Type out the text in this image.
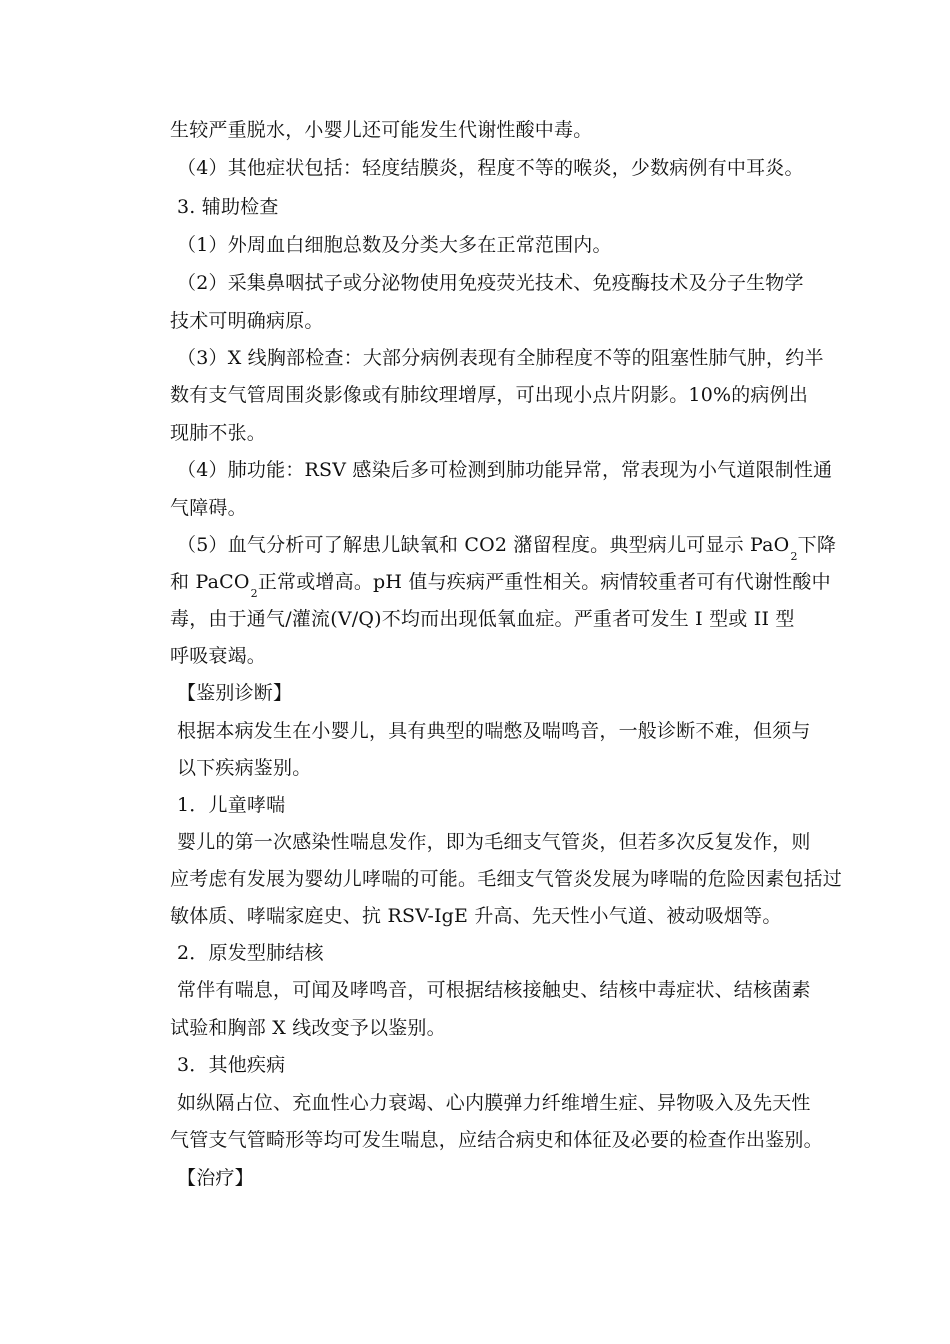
生较严重脱水，小婴儿还可能发生代谢性酸中毒。
（4）其他症状包括：轻度结膜炎，程度不等的喉炎，少数病例有中耳炎。
3. 辅助检查
（1）外周血白细胞总数及分类大多在正常范围内。
（2）采集鼻咽拭子或分泌物使用免疫荧光技术、免疫酶技术及分子生物学
技术可明确病原。
（3）X 线胸部检查：大部分病例表现有全肺程度不等的阻塞性肺气肿，约半
数有支气管周围炎影像或有肺纹理增厚，可出现小点片阴影。10%的病例出
现肺不张。
（4）肺功能：RSV 感染后多可检测到肺功能异常，常表现为小气道限制性通
气障碍。
（5）血气分析可了解患儿缺氧和 CO2 潴留程度。典型病儿可显示 PaO$_2$下降
和 PaCO$_2$正常或增高。pH 值与疾病严重性相关。病情较重者可有代谢性酸中
毒，由于通气/灌流(V/Q)不均而出现低氧血症。严重者可发生 I 型或 II 型
呼吸衰竭。
【鉴别诊断】
根据本病发生在小婴儿，具有典型的喘憋及喘鸣音，一般诊断不难，但须与
以下疾病鉴别。
1．儿童哮喘
婴儿的第一次感染性喘息发作，即为毛细支气管炎，但若多次反复发作，则
应考虑有发展为婴幼儿哮喘的可能。毛细支气管炎发展为哮喘的危险因素包括过
敏体质、哮喘家庭史、抗 RSV-IgE 升高、先天性小气道、被动吸烟等。
2．原发型肺结核
常伴有喘息，可闻及哮鸣音，可根据结核接触史、结核中毒症状、结核菌素
试验和胸部 X 线改变予以鉴别。
3．其他疾病
如纵隔占位、充血性心力衰竭、心内膜弹力纤维增生症、异物吸入及先天性
气管支气管畸形等均可发生喘息，应结合病史和体征及必要的检查作出鉴别。
【治疗】
